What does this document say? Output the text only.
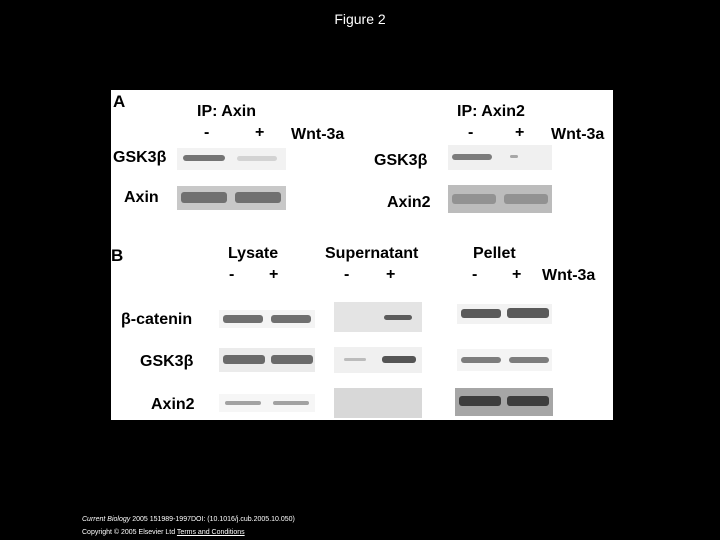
Figure 2
A
IP: Axin
-	+ Wnt-3a
GSK3β
Axin
IP: Axin2
-	+ Wnt-3a
GSK3β
Axin2
B	Lysate	Supernatant	Pellet
- +	- +	- + Wnt-3a
β-catenin
GSK3β
Axin2
Current Biology 2005 151989-1997DOI: (10.1016/j.cub.2005.10.050)
Copyright © 2005 Elsevier Ltd Terms and Conditions
